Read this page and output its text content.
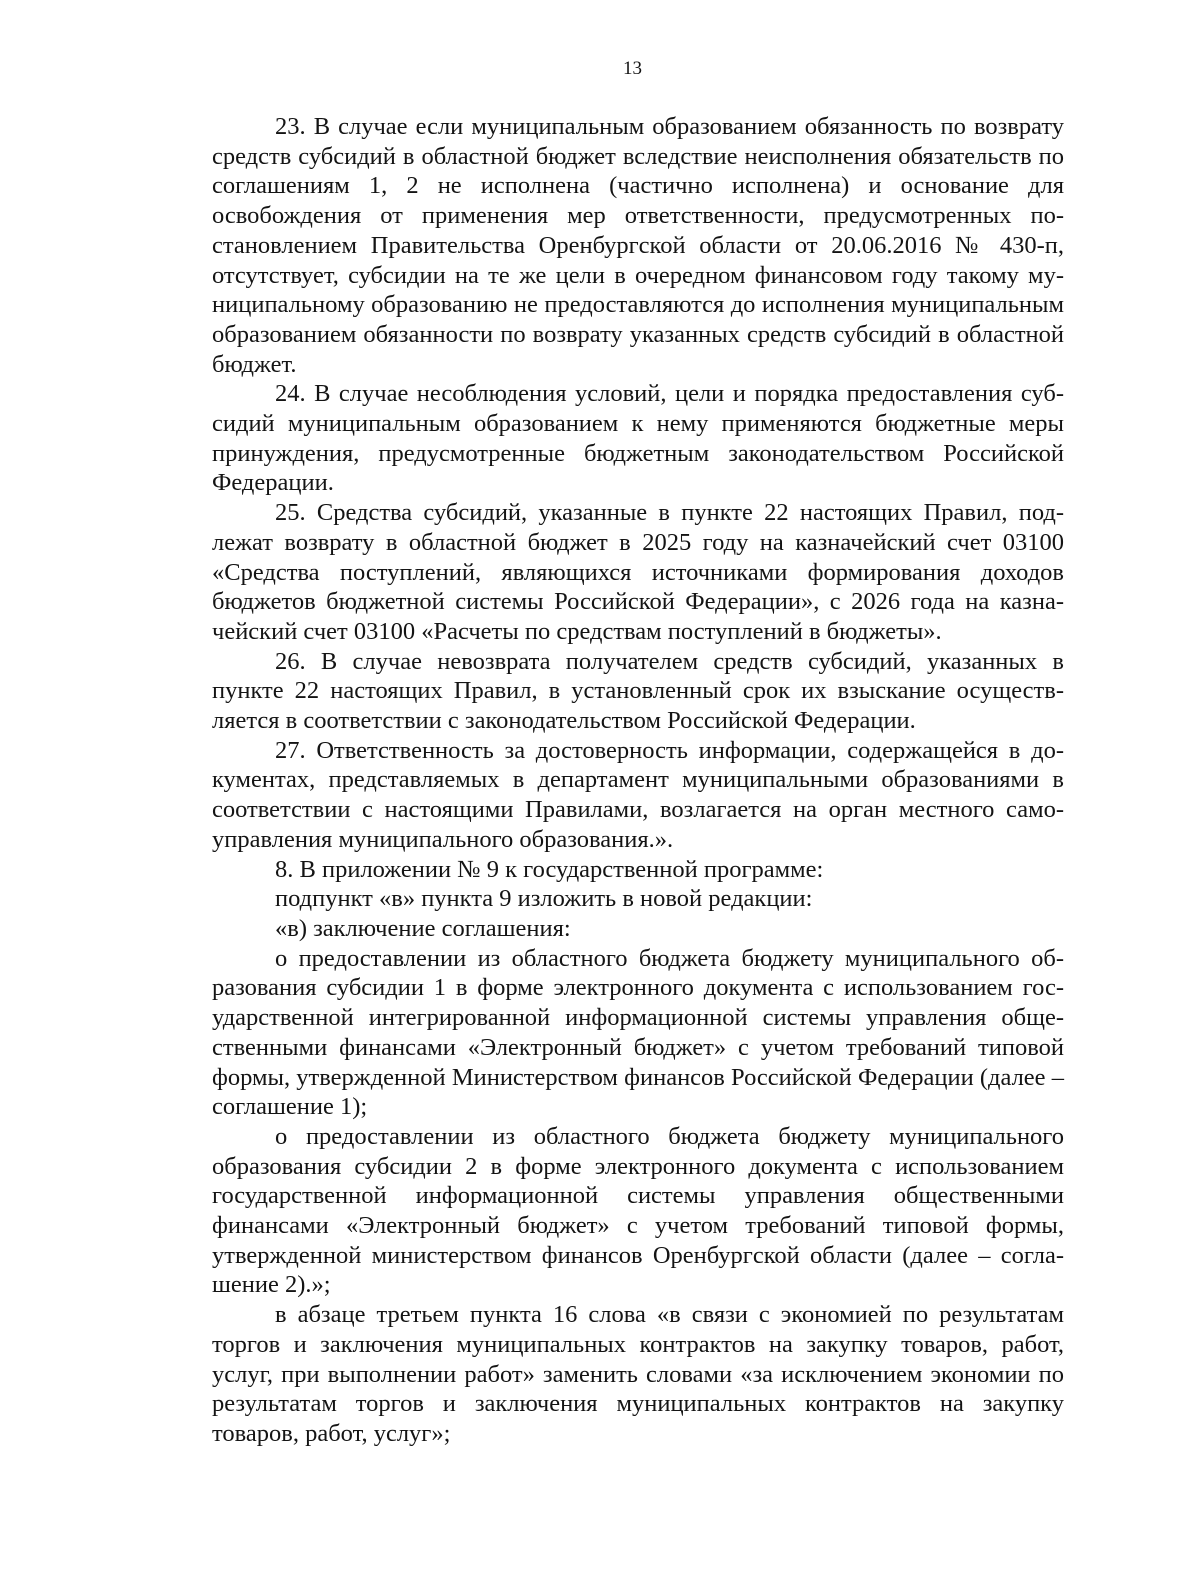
13

23. В случае если муниципальным образованием обязанность по возврату средств субсидий в областной бюджет вследствие неисполнения обязательств по соглашениям 1, 2 не исполнена (частично исполнена) и основание для освобождения от применения мер ответственности, предусмотренных постановлением Правительства Оренбургской области от 20.06.2016 № 430-п, отсутствует, субсидии на те же цели в очередном финансовом году такому муниципальному образованию не предоставляются до исполнения муниципальным образованием обязанности по возврату указанных средств субсидий в областной бюджет.

24. В случае несоблюдения условий, цели и порядка предоставления субсидий муниципальным образованием к нему применяются бюджетные меры принуждения, предусмотренные бюджетным законодательством Российской Федерации.

25. Средства субсидий, указанные в пункте 22 настоящих Правил, подлежат возврату в областной бюджет в 2025 году на казначейский счет 03100 «Средства поступлений, являющихся источниками формирования доходов бюджетов бюджетной системы Российской Федерации», с 2026 года на казначейский счет 03100 «Расчеты по средствам поступлений в бюджеты».

26. В случае невозврата получателем средств субсидий, указанных в пункте 22 настоящих Правил, в установленный срок их взыскание осуществляется в соответствии с законодательством Российской Федерации.

27. Ответственность за достоверность информации, содержащейся в документах, представляемых в департамент муниципальными образованиями в соответствии с настоящими Правилами, возлагается на орган местного самоуправления муниципального образования.».

8. В приложении № 9 к государственной программе:

подпункт «в» пункта 9 изложить в новой редакции:

«в) заключение соглашения:

о предоставлении из областного бюджета бюджету муниципального образования субсидии 1 в форме электронного документа с использованием государственной интегрированной информационной системы управления общественными финансами «Электронный бюджет» с учетом требований типовой формы, утвержденной Министерством финансов Российской Федерации (далее – соглашение 1);

о предоставлении из областного бюджета бюджету муниципального образования субсидии 2 в форме электронного документа с использованием государственной информационной системы управления общественными финансами «Электронный бюджет» с учетом требований типовой формы, утвержденной министерством финансов Оренбургской области (далее – соглашение 2).»;

в абзаце третьем пункта 16 слова «в связи с экономией по результатам торгов и заключения муниципальных контрактов на закупку товаров, работ, услуг, при выполнении работ» заменить словами «за исключением экономии по результатам торгов и заключения муниципальных контрактов на закупку товаров, работ, услуг»;
